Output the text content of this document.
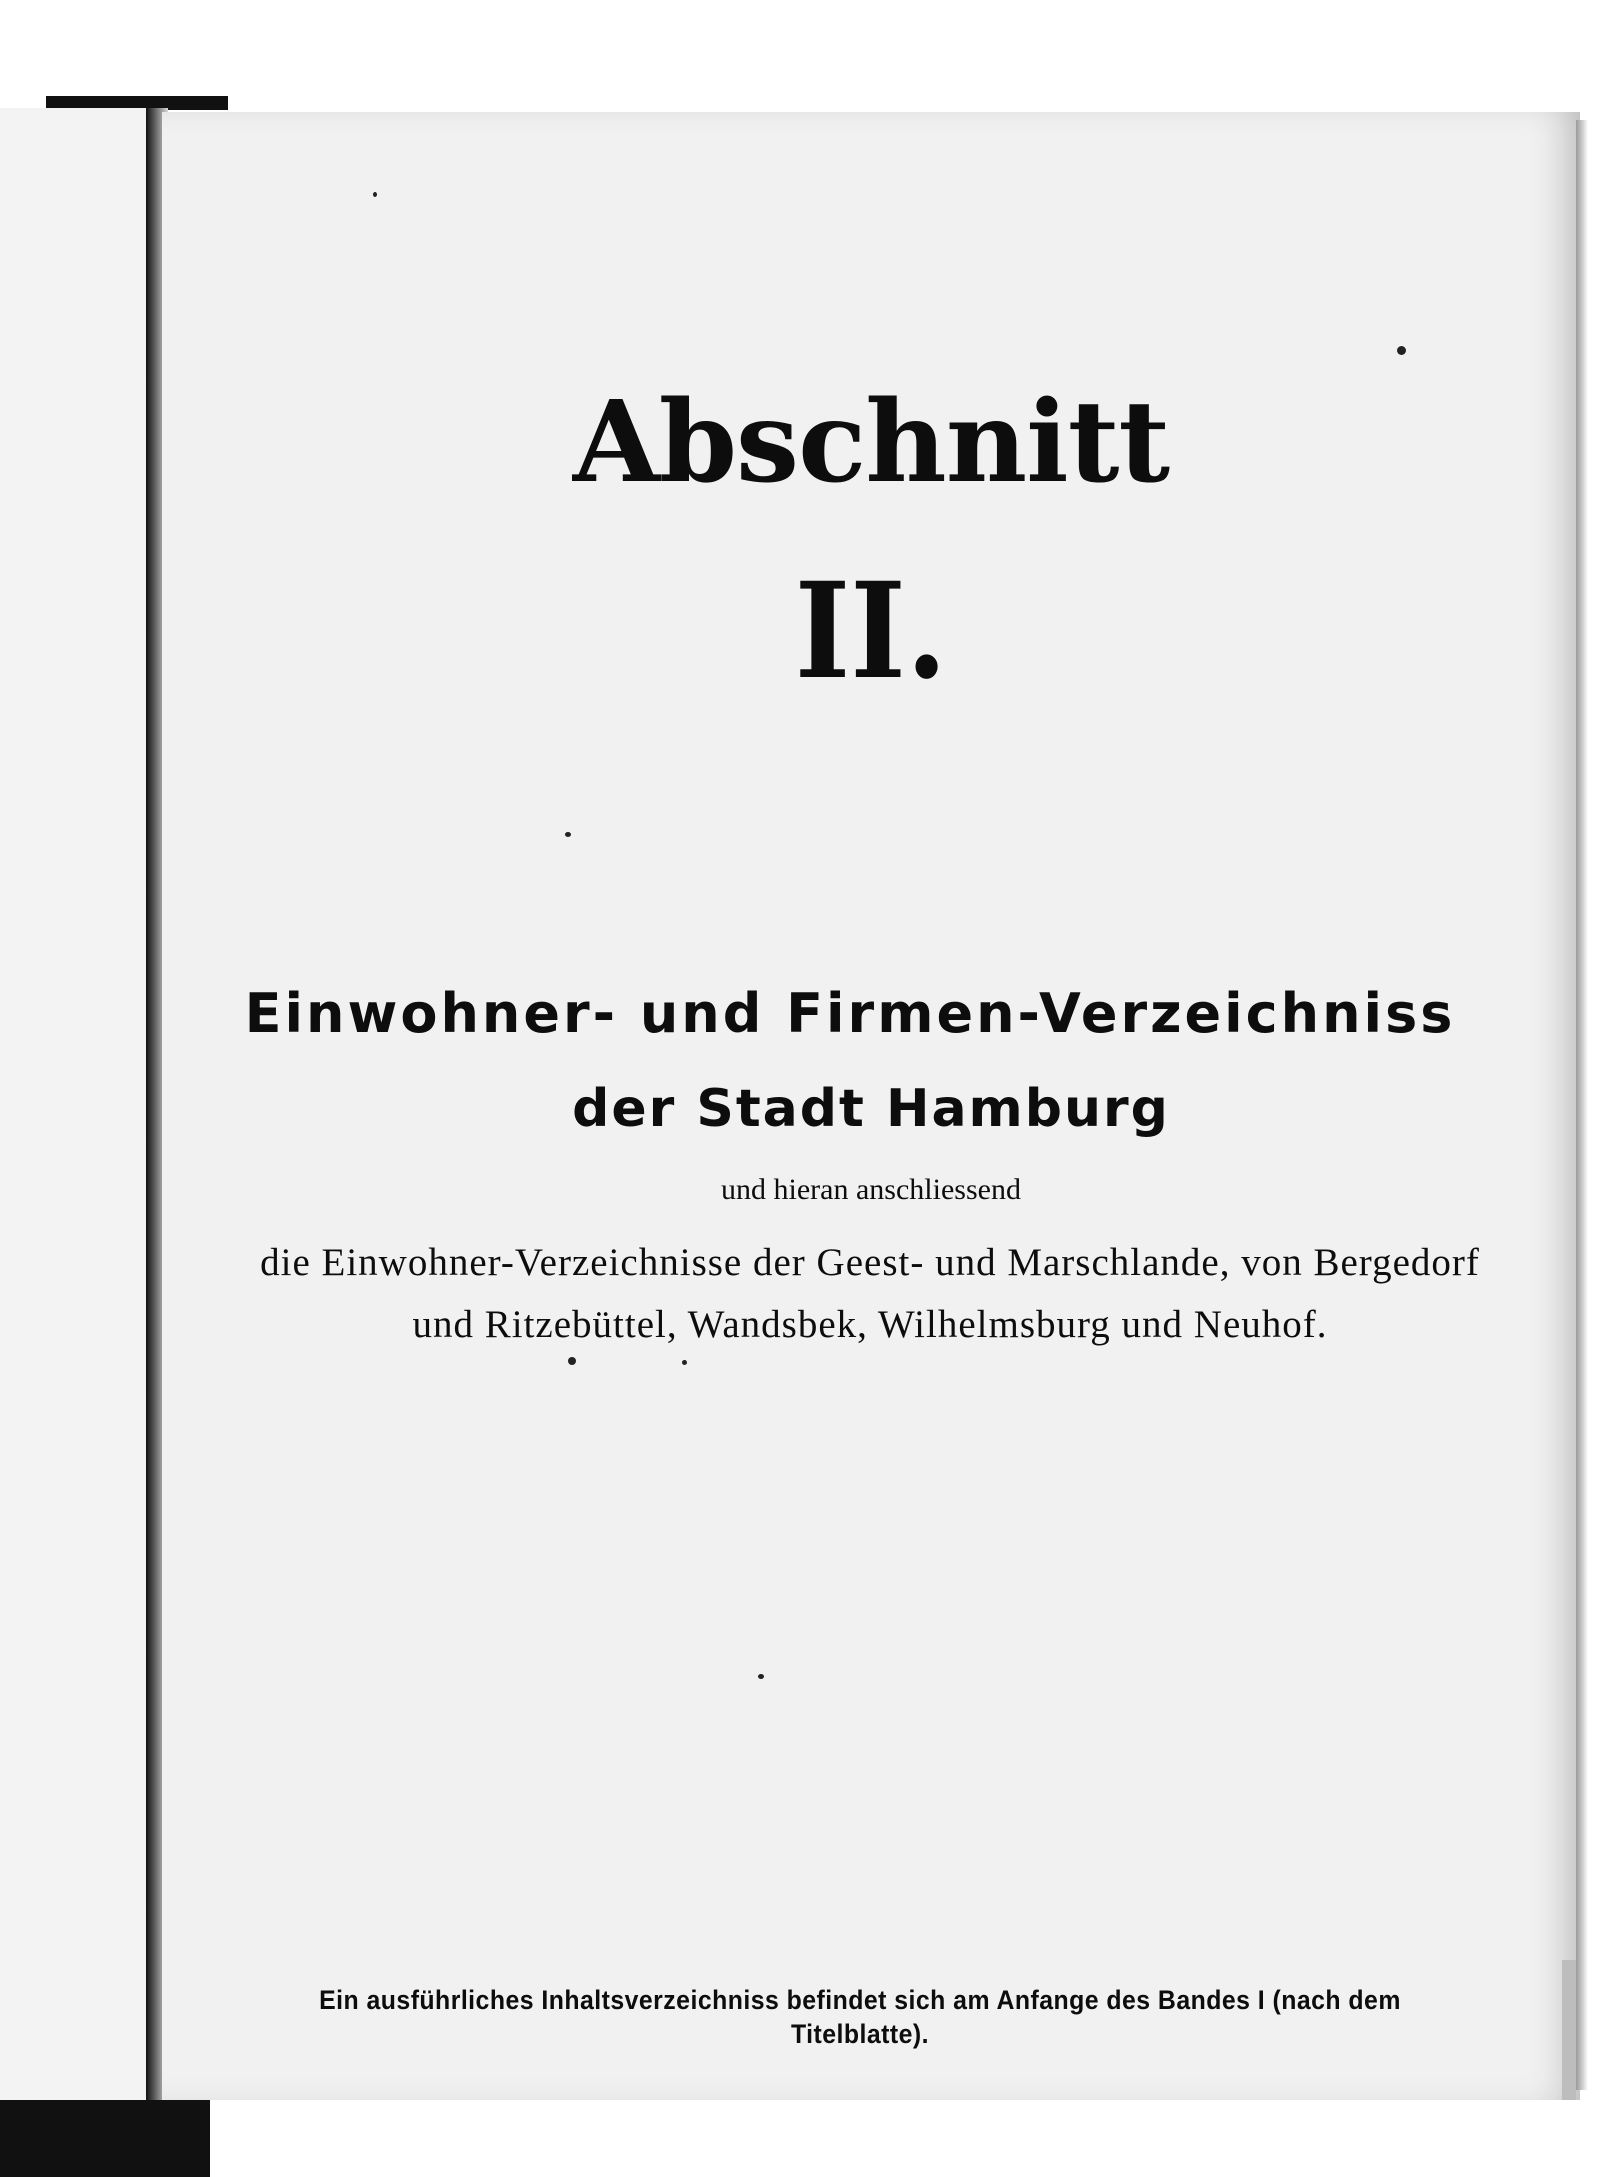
Abschnitt
II.
Einwohner- und Firmen-Verzeichniss
der Stadt Hamburg
und hieran anschliessend
die Einwohner-Verzeichnisse der Geest- und Marschlande, von Bergedorf
und Ritzebüttel, Wandsbek, Wilhelmsburg und Neuhof.
Ein ausführliches Inhaltsverzeichniss befindet sich am Anfange des Bandes I (nach dem Titelblatte).
